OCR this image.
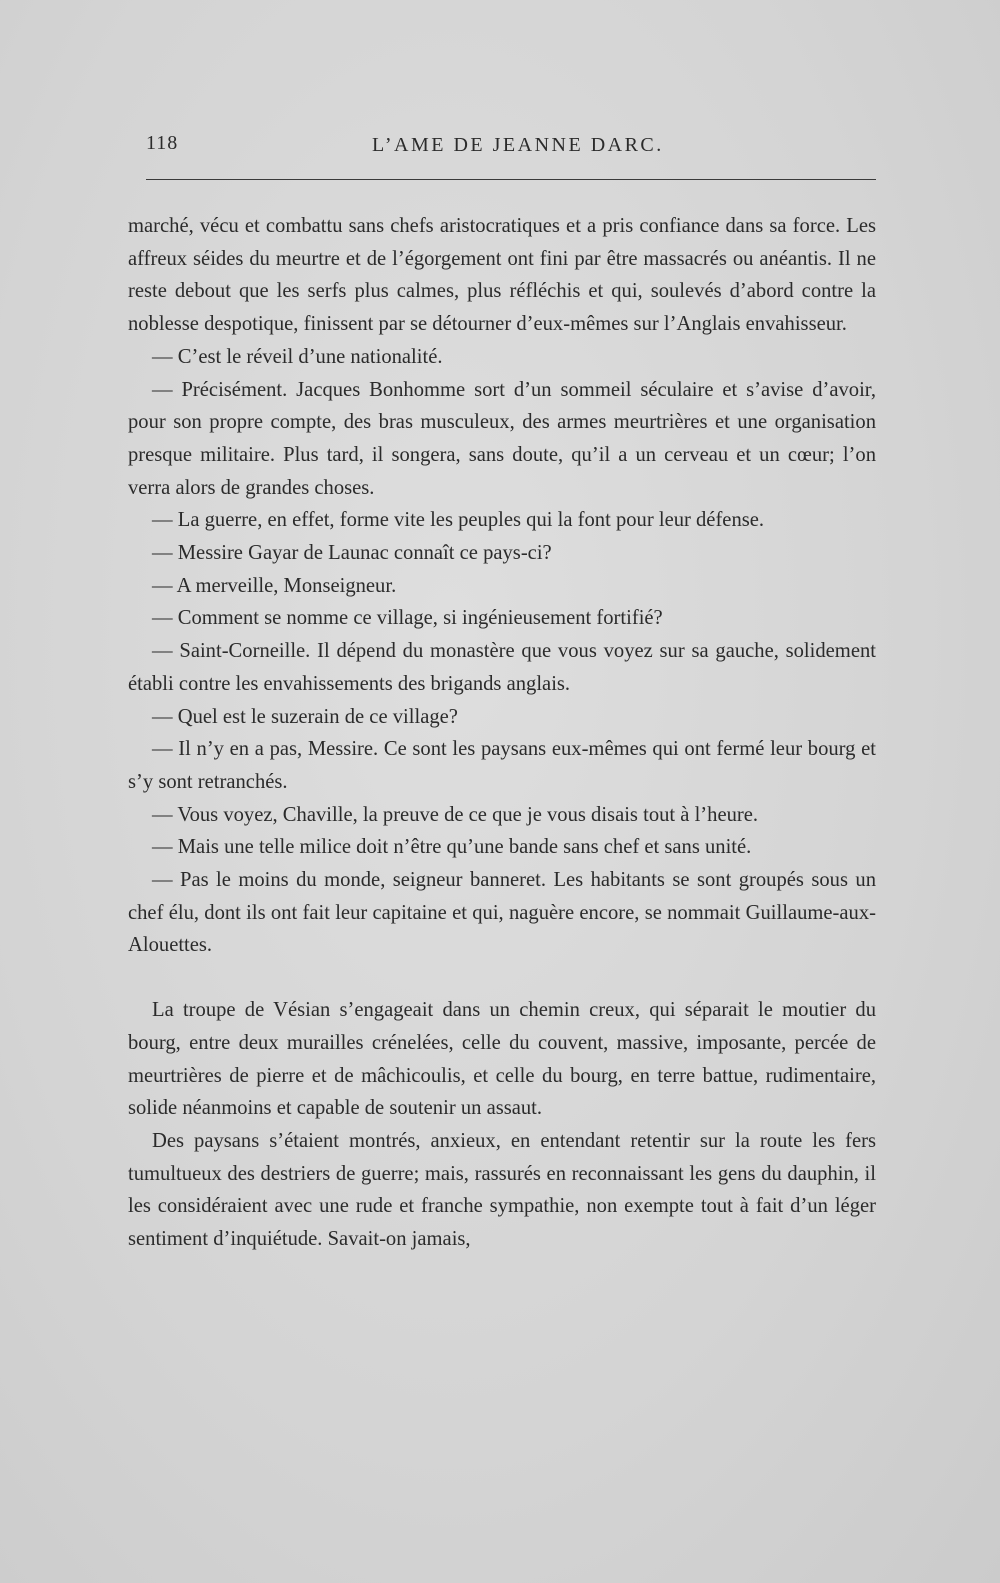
118	L’AME DE JEANNE DARC.

marché, vécu et combattu sans chefs aristocratiques et a pris confiance dans sa force. Les affreux séides du meurtre et de l’égorgement ont fini par être massacrés ou anéantis. Il ne reste debout que les serfs plus calmes, plus réfléchis et qui, soulevés d’abord contre la noblesse despotique, finissent par se détourner d’eux-mêmes sur l’Anglais envahisseur.

— C’est le réveil d’une nationalité.

— Précisément. Jacques Bonhomme sort d’un sommeil séculaire et s’avise d’avoir, pour son propre compte, des bras musculeux, des armes meurtrières et une organisation presque militaire. Plus tard, il songera, sans doute, qu’il a un cerveau et un cœur; l’on verra alors de grandes choses.

— La guerre, en effet, forme vite les peuples qui la font pour leur défense.

— Messire Gayar de Launac connaît ce pays-ci?

— A merveille, Monseigneur.

— Comment se nomme ce village, si ingénieusement fortifié?

— Saint-Corneille. Il dépend du monastère que vous voyez sur sa gauche, solidement établi contre les envahissements des brigands anglais.

— Quel est le suzerain de ce village?

— Il n’y en a pas, Messire. Ce sont les paysans eux-mêmes qui ont fermé leur bourg et s’y sont retranchés.

— Vous voyez, Chaville, la preuve de ce que je vous disais tout à l’heure.

— Mais une telle milice doit n’être qu’une bande sans chef et sans unité.

— Pas le moins du monde, seigneur banneret. Les habitants se sont groupés sous un chef élu, dont ils ont fait leur capitaine et qui, naguère encore, se nommait Guillaume-aux-Alouettes.

La troupe de Vésian s’engageait dans un chemin creux, qui séparait le moutier du bourg, entre deux murailles crénelées, celle du couvent, massive, imposante, percée de meurtrières de pierre et de mâchicoulis, et celle du bourg, en terre battue, rudimentaire, solide néanmoins et capable de soutenir un assaut.

Des paysans s’étaient montrés, anxieux, en entendant retentir sur la route les fers tumultueux des destriers de guerre; mais, rassurés en reconnaissant les gens du dauphin, il les considéraient avec une rude et franche sympathie, non exempte tout à fait d’un léger sentiment d’inquiétude. Savait-on jamais,
